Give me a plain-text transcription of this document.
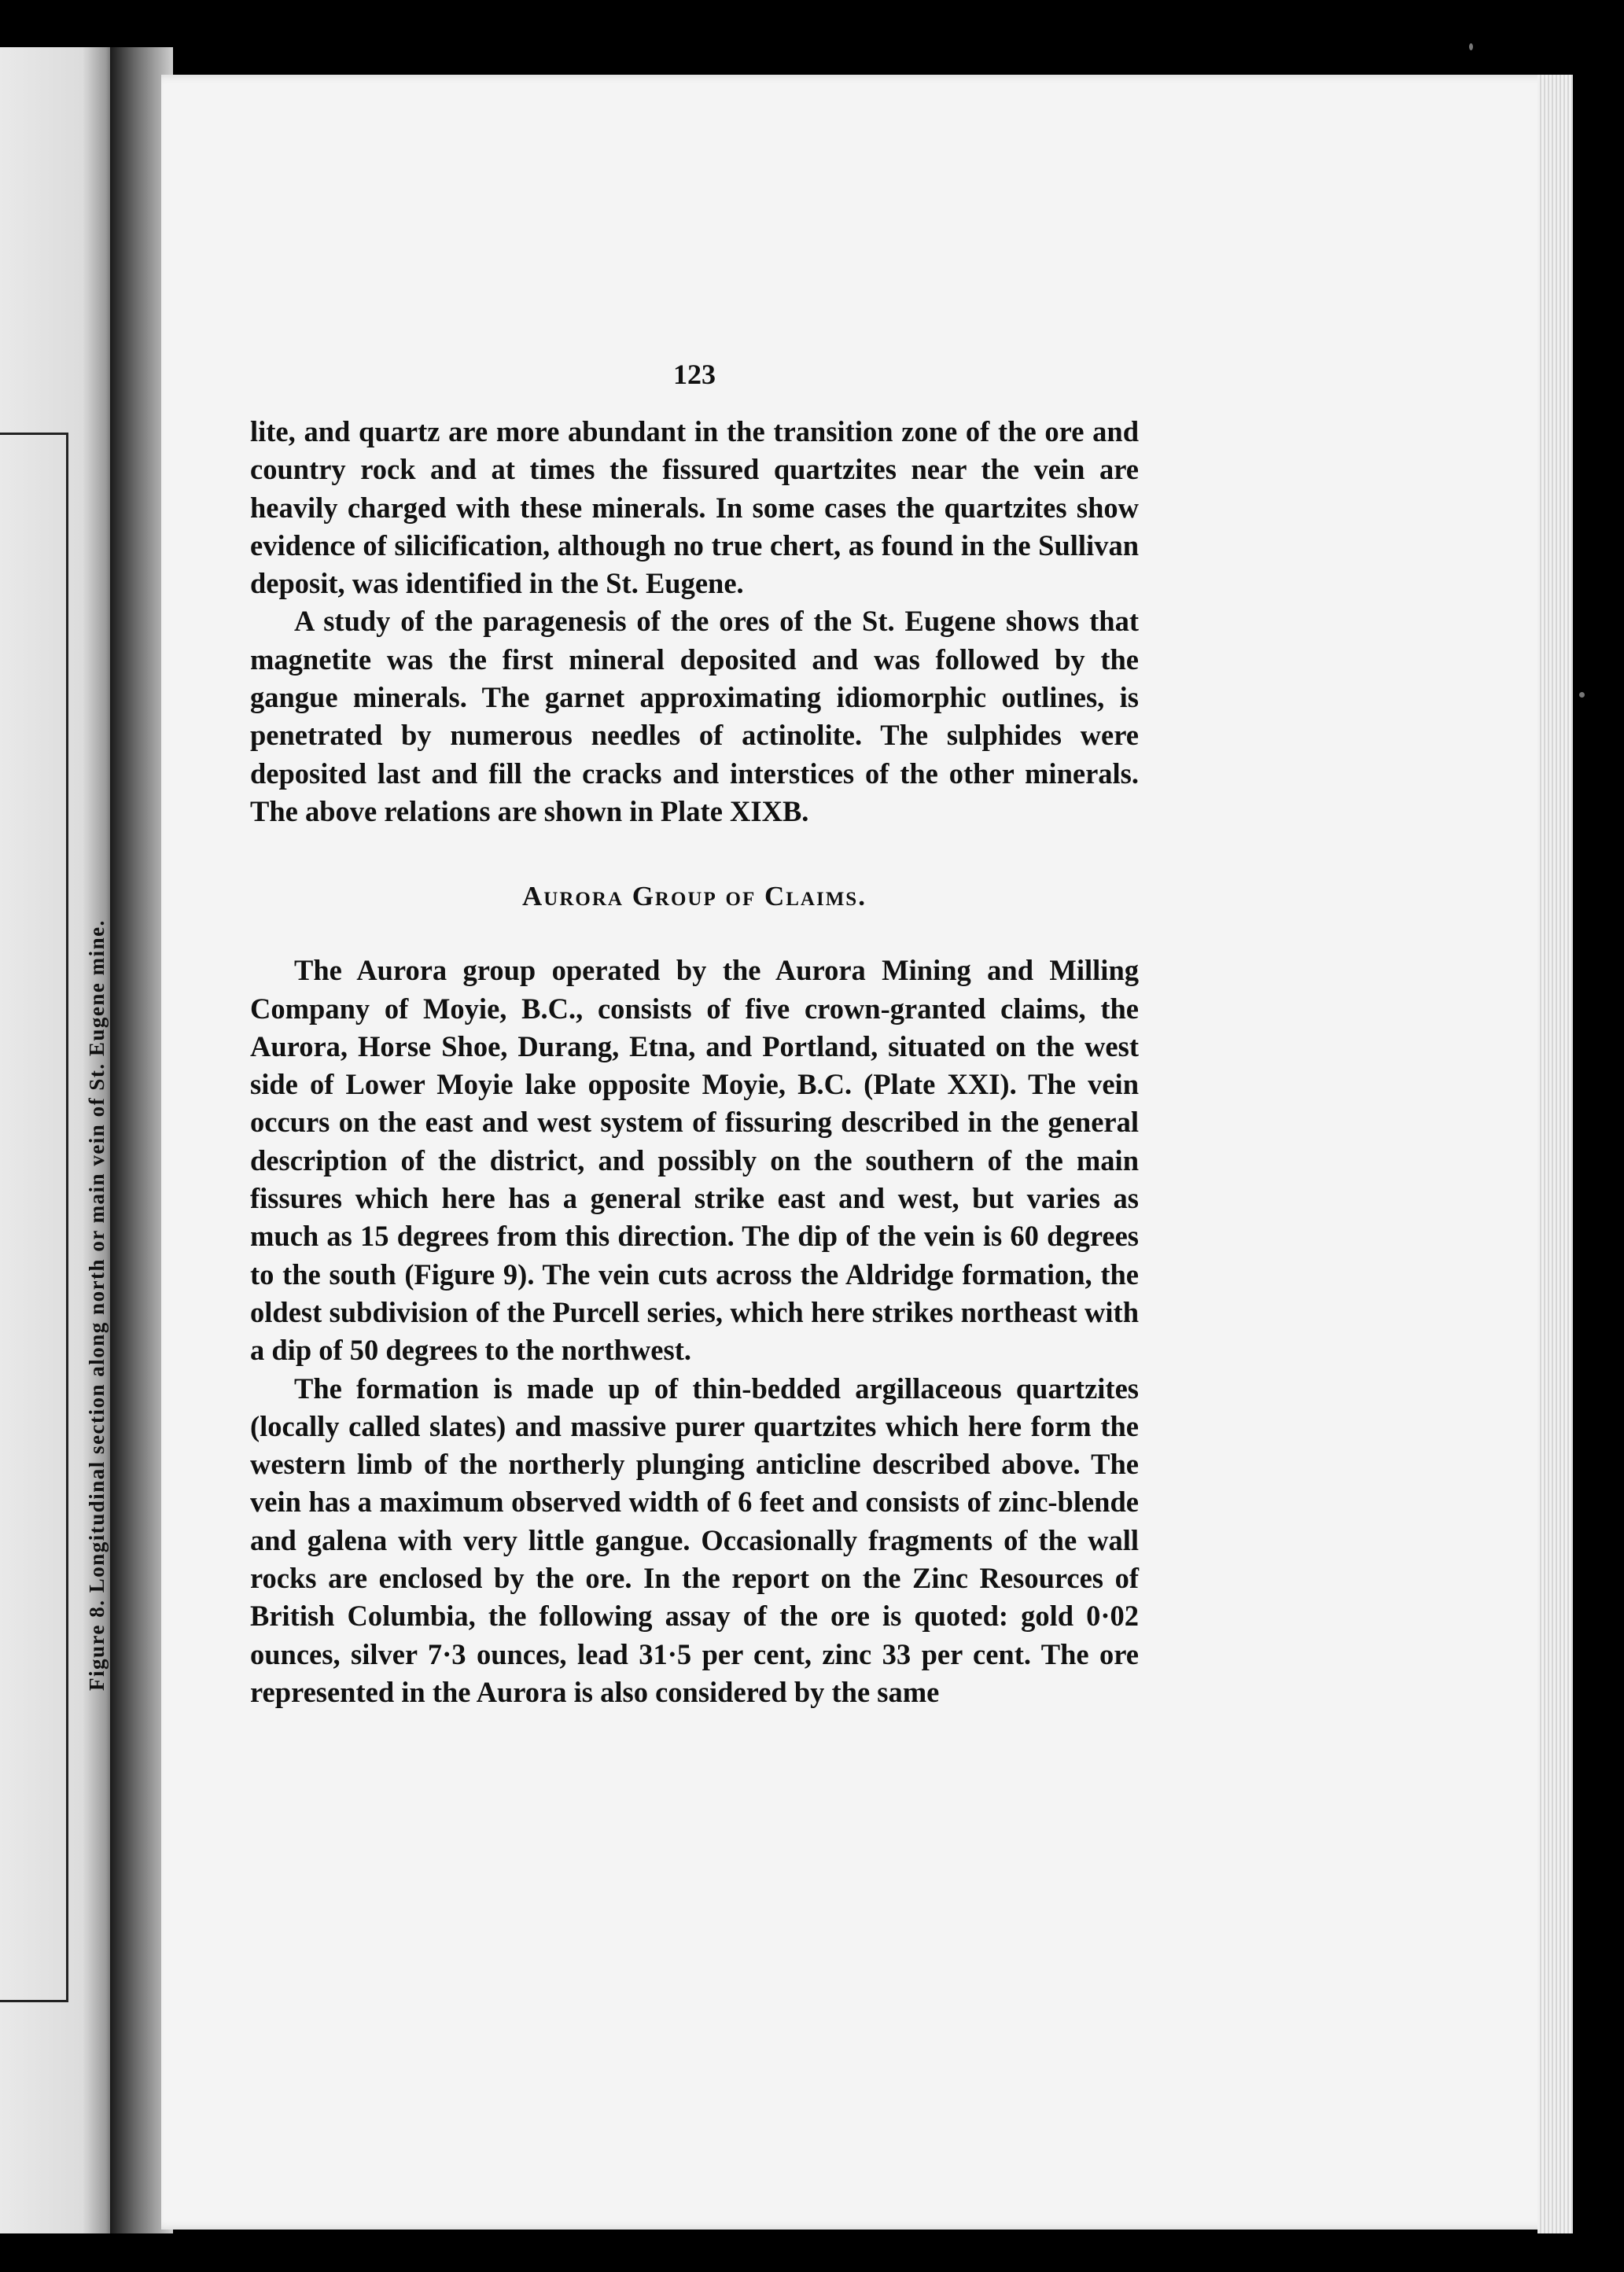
Figure 8. Longitudinal section along north or main vein of St. Eugene mine.
123

lite, and quartz are more abundant in the transition zone of the ore and country rock and at times the fissured quartzites near the vein are heavily charged with these minerals. In some cases the quartzites show evidence of silicification, although no true chert, as found in the Sullivan deposit, was identified in the St. Eugene.

A study of the paragenesis of the ores of the St. Eugene shows that magnetite was the first mineral deposited and was followed by the gangue minerals. The garnet approximating idiomorphic outlines, is penetrated by numerous needles of actinolite. The sulphides were deposited last and fill the cracks and interstices of the other minerals. The above relations are shown in Plate XIXB.

Aurora Group of Claims.

The Aurora group operated by the Aurora Mining and Milling Company of Moyie, B.C., consists of five crown-granted claims, the Aurora, Horse Shoe, Durang, Etna, and Portland, situated on the west side of Lower Moyie lake opposite Moyie, B.C. (Plate XXI). The vein occurs on the east and west system of fissuring described in the general description of the district, and possibly on the southern of the main fissures which here has a general strike east and west, but varies as much as 15 degrees from this direction. The dip of the vein is 60 degrees to the south (Figure 9). The vein cuts across the Aldridge formation, the oldest subdivision of the Purcell series, which here strikes northeast with a dip of 50 degrees to the northwest.

The formation is made up of thin-bedded argillaceous quartzites (locally called slates) and massive purer quartzites which here form the western limb of the northerly plunging anticline described above. The vein has a maximum observed width of 6 feet and consists of zinc-blende and galena with very little gangue. Occasionally fragments of the wall rocks are enclosed by the ore. In the report on the Zinc Resources of British Columbia, the following assay of the ore is quoted: gold 0·02 ounces, silver 7·3 ounces, lead 31·5 per cent, zinc 33 per cent. The ore represented in the Aurora is also considered by the same
